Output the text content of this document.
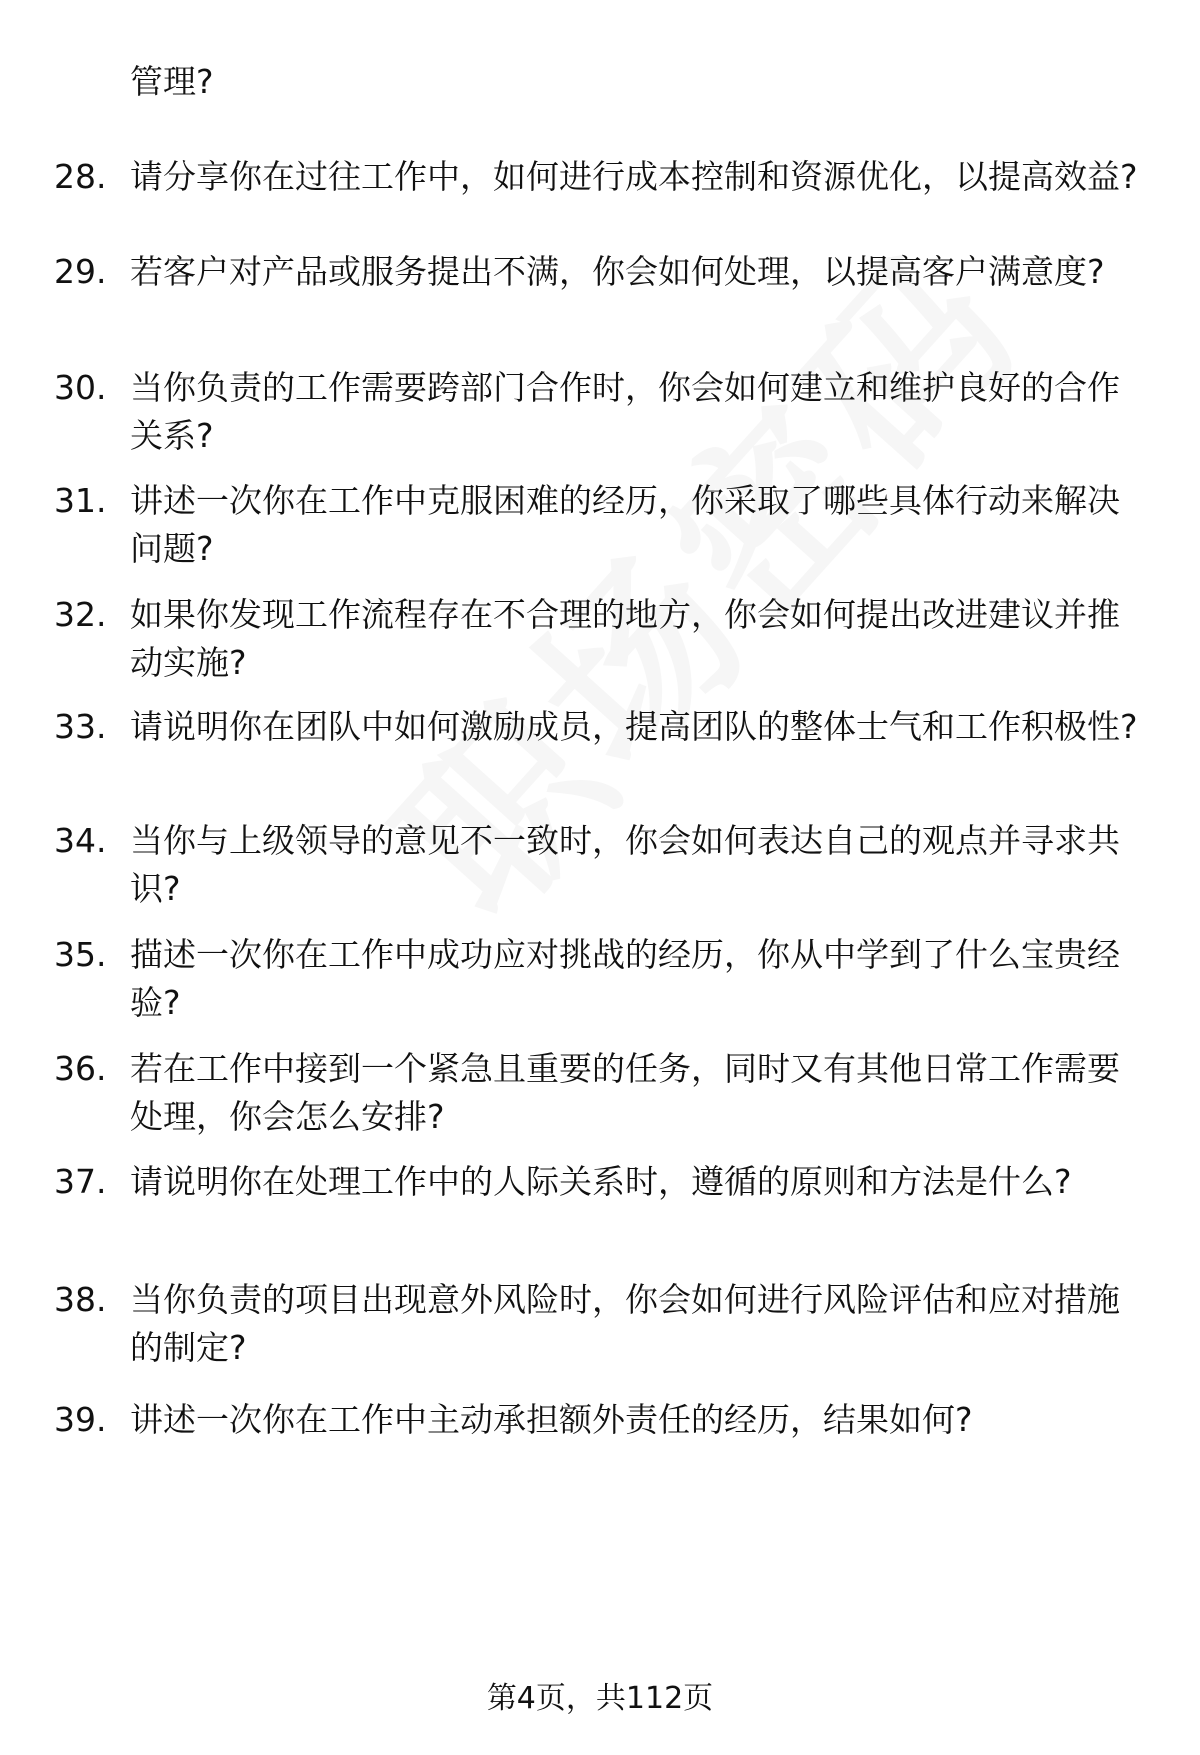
管理?
28. 请分享你在过往工作中，如何进行成本控制和资源优化，以提高效益?
29. 若客户对产品或服务提出不满，你会如何处理，以提高客户满意度?
30. 当你负责的工作需要跨部门合作时，你会如何建立和维护良好的合作关系?
31. 讲述一次你在工作中克服困难的经历，你采取了哪些具体行动来解决问题?
32. 如果你发现工作流程存在不合理的地方，你会如何提出改进建议并推动实施?
33. 请说明你在团队中如何激励成员，提高团队的整体士气和工作积极性?
34. 当你与上级领导的意见不一致时，你会如何表达自己的观点并寻求共识?
35. 描述一次你在工作中成功应对挑战的经历，你从中学到了什么宝贵经验?
36. 若在工作中接到一个紧急且重要的任务，同时又有其他日常工作需要处理，你会怎么安排?
37. 请说明你在处理工作中的人际关系时，遵循的原则和方法是什么?
38. 当你负责的项目出现意外风险时，你会如何进行风险评估和应对措施的制定?
39. 讲述一次你在工作中主动承担额外责任的经历，结果如何?
第4页，共112页
